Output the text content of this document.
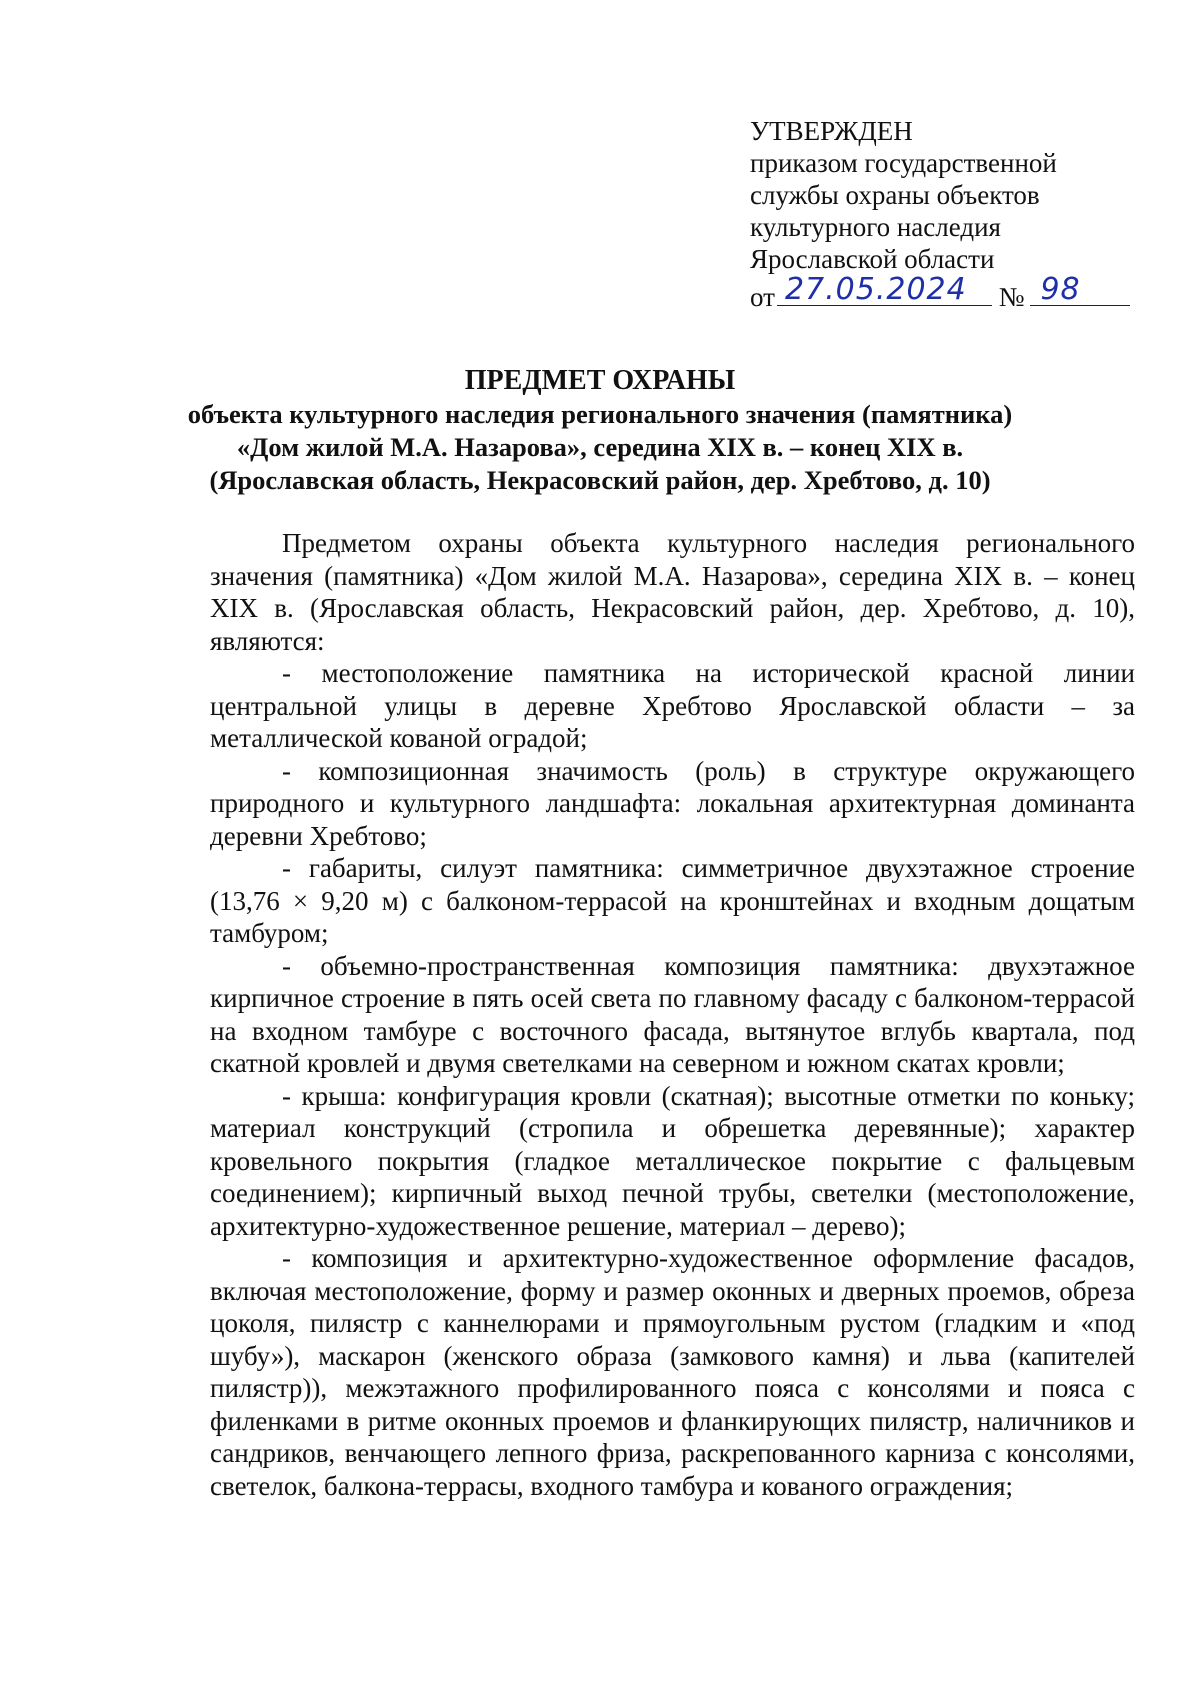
УТВЕРЖДЕН
приказом государственной
службы охраны объектов
культурного наследия
Ярославской области
от 27.05.2024 № 98
ПРЕДМЕТ ОХРАНЫ
объекта культурного наследия регионального значения (памятника)
«Дом жилой М.А. Назарова», середина XIX в. – конец XIX в.
(Ярославская область, Некрасовский район, дер. Хребтово, д. 10)

Предметом охраны объекта культурного наследия регионального значения (памятника) «Дом жилой М.А. Назарова», середина XIX в. – конец XIX в. (Ярославская область, Некрасовский район, дер. Хребтово, д. 10), являются:

- местоположение памятника на исторической красной линии центральной улицы в деревне Хребтово Ярославской области – за металлической кованой оградой;

- композиционная значимость (роль) в структуре окружающего природного и культурного ландшафта: локальная архитектурная доминанта деревни Хребтово;

- габариты, силуэт памятника: симметричное двухэтажное строение (13,76 × 9,20 м) с балконом-террасой на кронштейнах и входным дощатым тамбуром;

- объемно-пространственная композиция памятника: двухэтажное кирпичное строение в пять осей света по главному фасаду с балконом-террасой на входном тамбуре с восточного фасада, вытянутое вглубь квартала, под скатной кровлей и двумя светелками на северном и южном скатах кровли;

- крыша: конфигурация кровли (скатная); высотные отметки по коньку; материал конструкций (стропила и обрешетка деревянные); характер кровельного покрытия (гладкое металлическое покрытие с фальцевым соединением); кирпичный выход печной трубы, светелки (местоположение, архитектурно-художественное решение, материал – дерево);

- композиция и архитектурно-художественное оформление фасадов, включая местоположение, форму и размер оконных и дверных проемов, обреза цоколя, пилястр с каннелюрами и прямоугольным рустом (гладким и «под шубу»), маскарон (женского образа (замкового камня) и льва (капителей пилястр)), межэтажного профилированного пояса с консолями и пояса с филенками в ритме оконных проемов и фланкирующих пилястр, наличников и сандриков, венчающего лепного фриза, раскрепованного карниза с консолями, светелок, балкона-террасы, входного тамбура и кованого ограждения;
